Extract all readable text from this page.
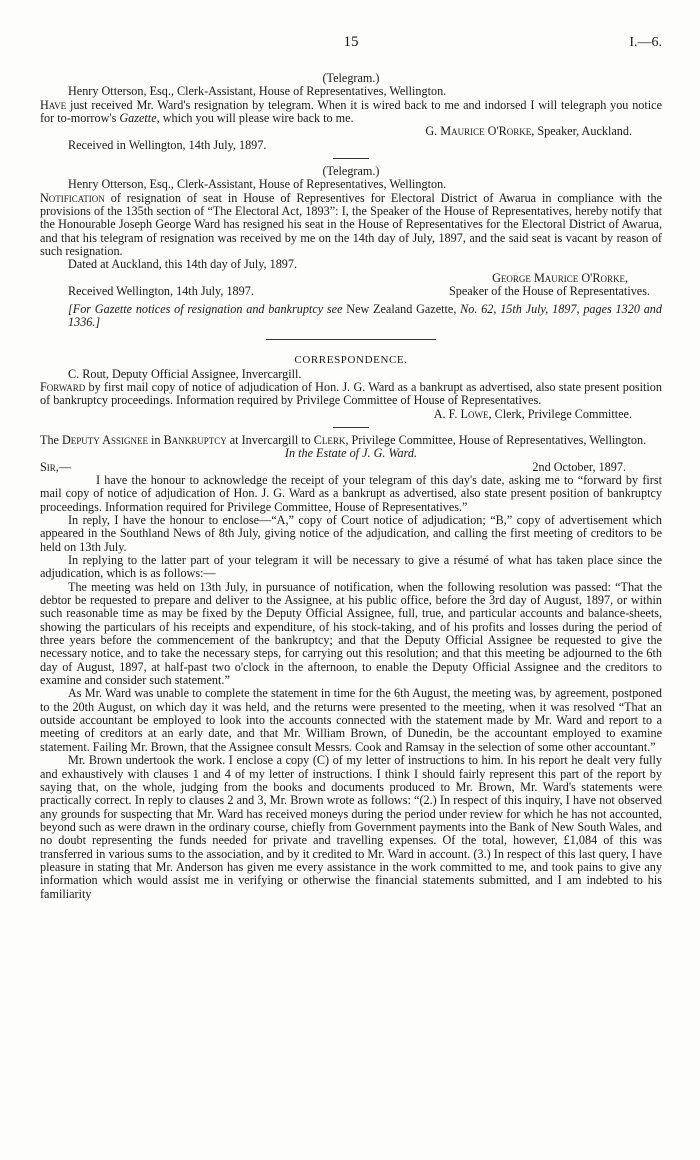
15	I.—6.

(Telegram.)

Henry Otterson, Esq., Clerk-Assistant, House of Representatives, Wellington.

Have just received Mr. Ward's resignation by telegram. When it is wired back to me and indorsed I will telegraph you notice for to-morrow's Gazette, which you will please wire back to me.

G. Maurice O'Rorke, Speaker, Auckland.

Received in Wellington, 14th July, 1897.

(Telegram.)

Henry Otterson, Esq., Clerk-Assistant, House of Representatives, Wellington.

Notification of resignation of seat in House of Representives for Electoral District of Awarua in compliance with the provisions of the 135th section of “The Electoral Act, 1893”: I, the Speaker of the House of Representatives, hereby notify that the Honourable Joseph George Ward has resigned his seat in the House of Representatives for the Electoral District of Awarua, and that his telegram of resignation was received by me on the 14th day of July, 1897, and the said seat is vacant by reason of such resignation.

Dated at Auckland, this 14th day of July, 1897.

George Maurice O'Rorke,

Received Wellington, 14th July, 1897.	Speaker of the House of Representatives.

[For Gazette notices of resignation and bankruptcy see New Zealand Gazette, No. 62, 15th July, 1897, pages 1320 and 1336.]

CORRESPONDENCE.

C. Rout, Deputy Official Assignee, Invercargill.

Forward by first mail copy of notice of adjudication of Hon. J. G. Ward as a bankrupt as advertised, also state present position of bankruptcy proceedings. Information required by Privilege Committee of House of Representatives.

A. F. Lowe, Clerk, Privilege Committee.

The Deputy Assignee in Bankruptcy at Invercargill to Clerk, Privilege Committee, House of Representatives, Wellington.

In the Estate of J. G. Ward.

Sir,—	2nd October, 1897.

I have the honour to acknowledge the receipt of your telegram of this day's date, asking me to “forward by first mail copy of notice of adjudication of Hon. J. G. Ward as a bankrupt as advertised, also state present position of bankruptcy proceedings. Information required for Privilege Committee, House of Representatives.”

In reply, I have the honour to enclose—“A,” copy of Court notice of adjudication; “B,” copy of advertisement which appeared in the Southland News of 8th July, giving notice of the adjudication, and calling the first meeting of creditors to be held on 13th July.

In replying to the latter part of your telegram it will be necessary to give a résumé of what has taken place since the adjudication, which is as follows:—

The meeting was held on 13th July, in pursuance of notification, when the following resolution was passed: “That the debtor be requested to prepare and deliver to the Assignee, at his public office, before the 3rd day of August, 1897, or within such reasonable time as may be fixed by the Deputy Official Assignee, full, true, and particular accounts and balance-sheets, showing the particulars of his receipts and expenditure, of his stock-taking, and of his profits and losses during the period of three years before the commencement of the bankruptcy; and that the Deputy Official Assignee be requested to give the necessary notice, and to take the necessary steps, for carrying out this resolution; and that this meeting be adjourned to the 6th day of August, 1897, at half-past two o'clock in the afternoon, to enable the Deputy Official Assignee and the creditors to examine and consider such statement.”

As Mr. Ward was unable to complete the statement in time for the 6th August, the meeting was, by agreement, postponed to the 20th August, on which day it was held, and the returns were presented to the meeting, when it was resolved “That an outside accountant be employed to look into the accounts connected with the statement made by Mr. Ward and report to a meeting of creditors at an early date, and that Mr. William Brown, of Dunedin, be the accountant employed to examine statement. Failing Mr. Brown, that the Assignee consult Messrs. Cook and Ramsay in the selection of some other accountant.”

Mr. Brown undertook the work. I enclose a copy (C) of my letter of instructions to him. In his report he dealt very fully and exhaustively with clauses 1 and 4 of my letter of instructions. I think I should fairly represent this part of the report by saying that, on the whole, judging from the books and documents produced to Mr. Brown, Mr. Ward's statements were practically correct. In reply to clauses 2 and 3, Mr. Brown wrote as follows: “(2.) In respect of this inquiry, I have not observed any grounds for suspecting that Mr. Ward has received moneys during the period under review for which he has not accounted, beyond such as were drawn in the ordinary course, chiefly from Government payments into the Bank of New South Wales, and no doubt representing the funds needed for private and travelling expenses. Of the total, however, £1,084 of this was transferred in various sums to the association, and by it credited to Mr. Ward in account. (3.) In respect of this last query, I have pleasure in stating that Mr. Anderson has given me every assistance in the work committed to me, and took pains to give any information which would assist me in verifying or otherwise the financial statements submitted, and I am indebted to his familiarity
